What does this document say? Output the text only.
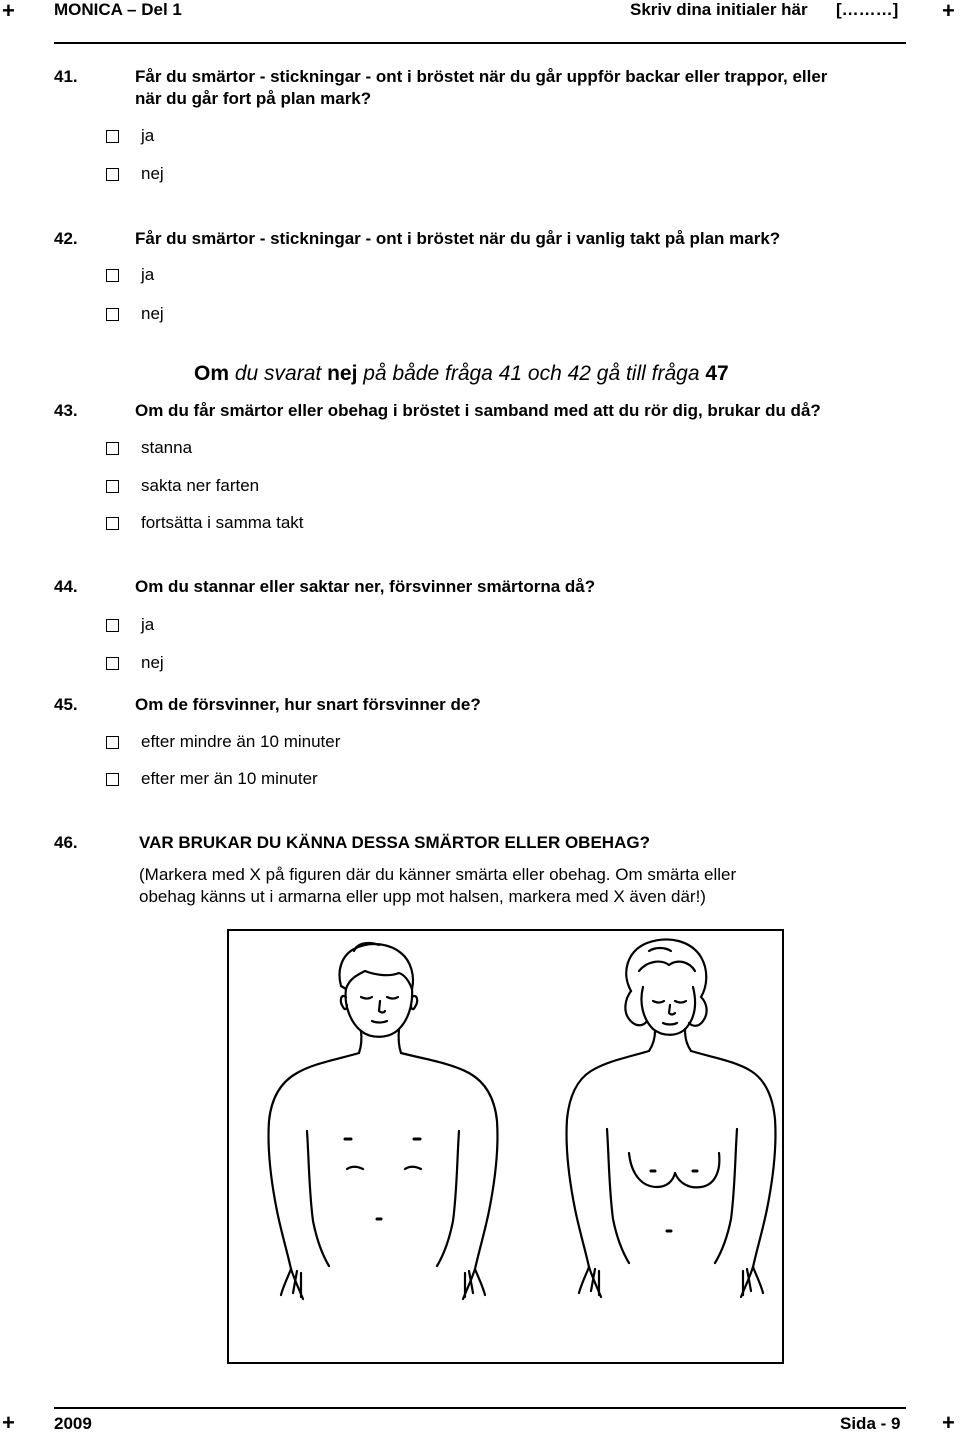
+ MONICA – Del 1	Skriv dina initialer här [………] +
41.	Får du smärtor - stickningar - ont i bröstet när du går uppför backar eller trappor, eller
när du går fort på plan mark?
ja
nej
42.	Får du smärtor - stickningar - ont i bröstet när du går i vanlig takt på plan mark?
ja
nej
Om du svarat nej på både fråga 41 och 42 gå till fråga 47
43.	Om du får smärtor eller obehag i bröstet i samband med att du rör dig, brukar du då?
stanna
sakta ner farten
fortsätta i samma takt
44.	Om du stannar eller saktar ner, försvinner smärtorna då?
ja
nej
45.	Om de försvinner, hur snart försvinner de?
efter mindre än 10 minuter
efter mer än 10 minuter
46.	VAR BRUKAR DU KÄNNA DESSA SMÄRTOR ELLER OBEHAG?
(Markera med X på figuren där du känner smärta eller obehag. Om smärta eller
obehag känns ut i armarna eller upp mot halsen, markera med X även där!)
+ 2009	Sida - 9 +
